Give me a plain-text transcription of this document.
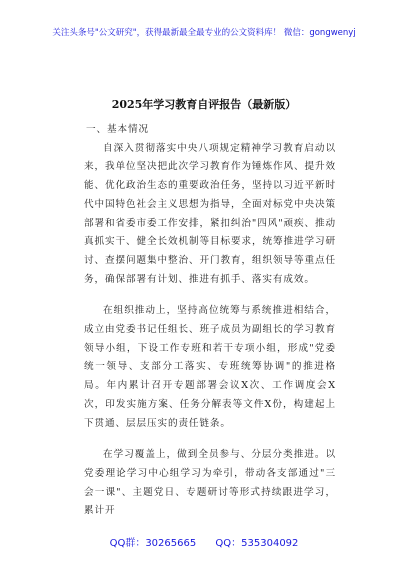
关注头条号"公文研究"，获得最新最全最专业的公文资料库！ 微信：gongwenyj
2025年学习教育自评报告（最新版）

一、基本情况

自深入贯彻落实中央八项规定精神学习教育启动以来，我单位坚决把此次学习教育作为锤炼作风、提升效能、优化政治生态的重要政治任务，坚持以习近平新时代中国特色社会主义思想为指导，全面对标党中央决策部署和省委市委工作安排，紧扣纠治"四风"顽疾、推动真抓实干、健全长效机制等目标要求，统筹推进学习研讨、查摆问题集中整治、开门教育，组织领导等重点任务，确保部署有计划、推进有抓手、落实有成效。

在组织推动上，坚持高位统筹与系统推进相结合，成立由党委书记任组长、班子成员为副组长的学习教育领导小组，下设工作专班和若干专项小组，形成"党委统一领导、支部分工落实、专班统筹协调"的推进格局。年内累计召开专题部署会议X次、工作调度会X次，印发实施方案、任务分解表等文件X份，构建起上下贯通、层层压实的责任链条。

在学习覆盖上，做到全员参与、分层分类推进。以党委理论学习中心组学习为牵引，带动各支部通过"三会一课"、主题党日、专题研讨等形式持续跟进学习，累计开

QQ群：30265665 QQ：535304092
